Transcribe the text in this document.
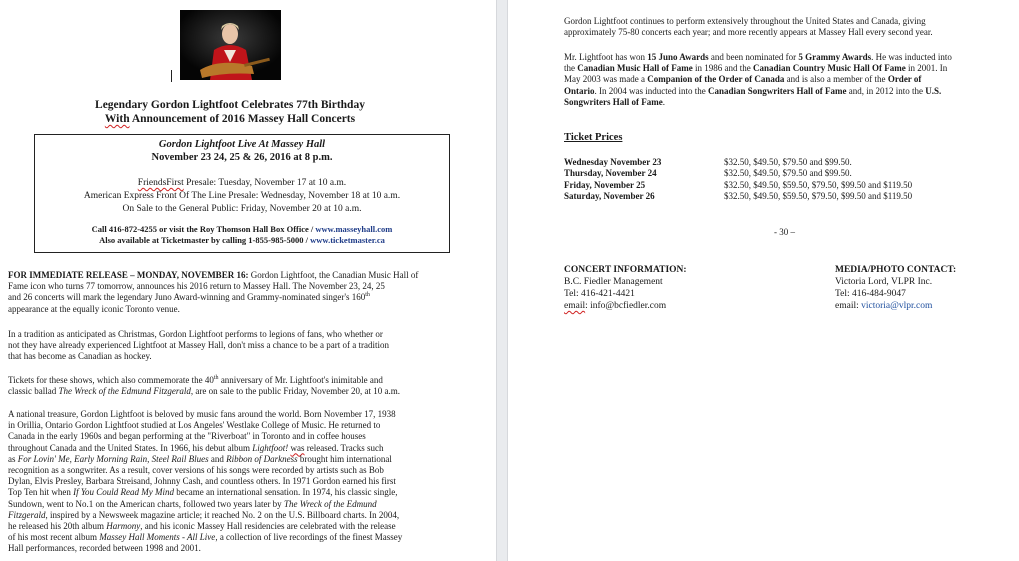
Legendary Gordon Lightfoot Celebrates 77th Birthday
With Announcement of 2016 Massey Hall Concerts
Gordon Lightfoot Live At Massey Hall
November 23 24, 25 & 26, 2016 at 8 p.m.
FriendsFirst Presale: Tuesday, November 17 at 10 a.m.
American Express Front Of The Line Presale: Wednesday, November 18 at 10 a.m.
On Sale to the General Public: Friday, November 20 at 10 a.m.
Call 416-872-4255 or visit the Roy Thomson Hall Box Office / www.masseyhall.com
Also available at Ticketmaster by calling 1-855-985-5000 / www.ticketmaster.ca
FOR IMMEDIATE RELEASE – MONDAY, NOVEMBER 16: Gordon Lightfoot, the Canadian Music Hall of
Fame icon who turns 77 tomorrow, announces his 2016 return to Massey Hall. The November 23, 24, 25
and 26 concerts will mark the legendary Juno Award-winning and Grammy-nominated singer's 160th
appearance at the equally iconic Toronto venue.
In a tradition as anticipated as Christmas, Gordon Lightfoot performs to legions of fans, who whether or
not they have already experienced Lightfoot at Massey Hall, don't miss a chance to be a part of a tradition
that has become as Canadian as hockey.
Tickets for these shows, which also commemorate the 40th anniversary of Mr. Lightfoot's inimitable and
classic ballad The Wreck of the Edmund Fitzgerald, are on sale to the public Friday, November 20, at 10 a.m.
A national treasure, Gordon Lightfoot is beloved by music fans around the world. Born November 17, 1938
in Orillia, Ontario Gordon Lightfoot studied at Los Angeles' Westlake College of Music. He returned to
Canada in the early 1960s and began performing at the "Riverboat" in Toronto and in coffee houses
throughout Canada and the United States. In 1966, his debut album Lightfoot! was released. Tracks such
as For Lovin' Me, Early Morning Rain, Steel Rail Blues and Ribbon of Darkness brought him international
recognition as a songwriter. As a result, cover versions of his songs were recorded by artists such as Bob
Dylan, Elvis Presley, Barbara Streisand, Johnny Cash, and countless others. In 1971 Gordon earned his first
Top Ten hit when If You Could Read My Mind became an international sensation. In 1974, his classic single,
Sundown, went to No.1 on the American charts, followed two years later by The Wreck of the Edmund
Fitzgerald, inspired by a Newsweek magazine article; it reached No. 2 on the U.S. Billboard charts. In 2004,
he released his 20th album Harmony, and his iconic Massey Hall residencies are celebrated with the release
of his most recent album Massey Hall Moments - All Live, a collection of live recordings of the finest Massey
Hall performances, recorded between 1998 and 2001.
Gordon Lightfoot continues to perform extensively throughout the United States and Canada, giving
approximately 75-80 concerts each year; and more recently appears at Massey Hall every second year.
Mr. Lightfoot has won 15 Juno Awards and been nominated for 5 Grammy Awards. He was inducted into
the Canadian Music Hall of Fame in 1986 and the Canadian Country Music Hall Of Fame in 2001. In
May 2003 was made a Companion of the Order of Canada and is also a member of the Order of
Ontario. In 2004 was inducted into the Canadian Songwriters Hall of Fame and, in 2012 into the U.S.
Songwriters Hall of Fame.
Ticket Prices
Wednesday November 23	$32.50, $49.50, $79.50 and $99.50.
Thursday, November 24	$32.50, $49.50, $79.50 and $99.50.
Friday, November 25	$32.50, $49.50, $59.50, $79.50, $99.50 and $119.50
Saturday, November 26	$32.50, $49.50, $59.50, $79.50, $99.50 and $119.50
- 30 –
CONCERT INFORMATION:
B.C. Fiedler Management
Tel: 416-421-4421
email: info@bcfiedler.com
MEDIA/PHOTO CONTACT:
Victoria Lord, VLPR Inc.
Tel: 416-484-9047
email: victoria@vlpr.com
